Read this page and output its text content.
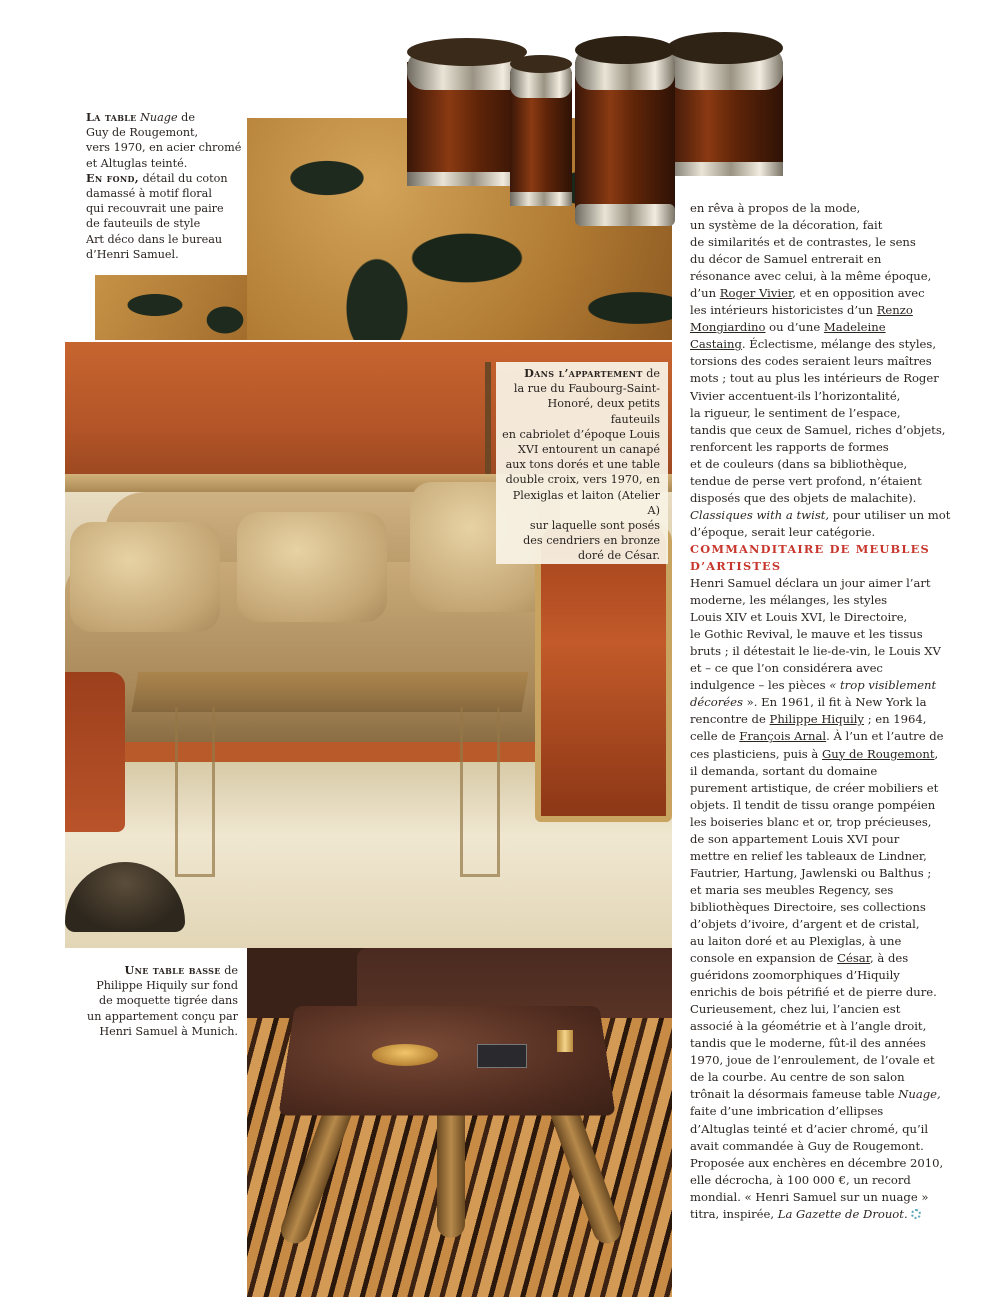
La table Nuage de
Guy de Rougemont,
vers 1970, en acier chromé
et Altuglas teinté.
En fond, détail du coton
damassé à motif floral
qui recouvrait une paire
de fauteuils de style
Art déco dans le bureau
d’Henri Samuel.
Dans l’appartement de
la rue du Faubourg-Saint-
Honoré, deux petits fauteuils
en cabriolet d’époque Louis
XVI entourent un canapé
aux tons dorés et une table
double croix, vers 1970, en
Plexiglas et laiton (Atelier A)
sur laquelle sont posés
des cendriers en bronze
doré de César.
Une table basse de
Philippe Hiquily sur fond
de moquette tigrée dans
un appartement conçu par
Henri Samuel à Munich.
en rêva à propos de la mode,
un système de la décoration, fait
de similarités et de contrastes, le sens
du décor de Samuel entrerait en
résonance avec celui, à la même époque,
d’un Roger Vivier, et en opposition avec
les intérieurs historicistes d’un Renzo
Mongiardino ou d’une Madeleine
Castaing. Éclectisme, mélange des styles,
torsions des codes seraient leurs maîtres
mots ; tout au plus les intérieurs de Roger
Vivier accentuent-ils l’horizontalité,
la rigueur, le sentiment de l’espace,
tandis que ceux de Samuel, riches d’objets,
renforcent les rapports de formes
et de couleurs (dans sa bibliothèque,
tendue de perse vert profond, n’étaient
disposés que des objets de malachite).
Classiques with a twist, pour utiliser un mot
d’époque, serait leur catégorie.
COMMANDITAIRE DE MEUBLES
D’ARTISTES
Henri Samuel déclara un jour aimer l’art
moderne, les mélanges, les styles
Louis XIV et Louis XVI, le Directoire,
le Gothic Revival, le mauve et les tissus
bruts ; il détestait le lie-de-vin, le Louis XV
et – ce que l’on considérera avec
indulgence – les pièces « trop visiblement
décorées ». En 1961, il fit à New York la
rencontre de Philippe Hiquily ; en 1964,
celle de François Arnal. À l’un et l’autre de
ces plasticiens, puis à Guy de Rougemont,
il demanda, sortant du domaine
purement artistique, de créer mobiliers et
objets. Il tendit de tissu orange pompéien
les boiseries blanc et or, trop précieuses,
de son appartement Louis XVI pour
mettre en relief les tableaux de Lindner,
Fautrier, Hartung, Jawlenski ou Balthus ;
et maria ses meubles Regency, ses
bibliothèques Directoire, ses collections
d’objets d’ivoire, d’argent et de cristal,
au laiton doré et au Plexiglas, à une
console en expansion de César, à des
guéridons zoomorphiques d’Hiquily
enrichis de bois pétrifié et de pierre dure.
Curieusement, chez lui, l’ancien est
associé à la géométrie et à l’angle droit,
tandis que le moderne, fût-il des années
1970, joue de l’enroulement, de l’ovale et
de la courbe. Au centre de son salon
trônait la désormais fameuse table Nuage,
faite d’une imbrication d’ellipses
d’Altuglas teinté et d’acier chromé, qu’il
avait commandée à Guy de Rougemont.
Proposée aux enchères en décembre 2010,
elle décrocha, à 100 000 €, un record
mondial. « Henri Samuel sur un nuage »
titra, inspirée, La Gazette de Drouot.
